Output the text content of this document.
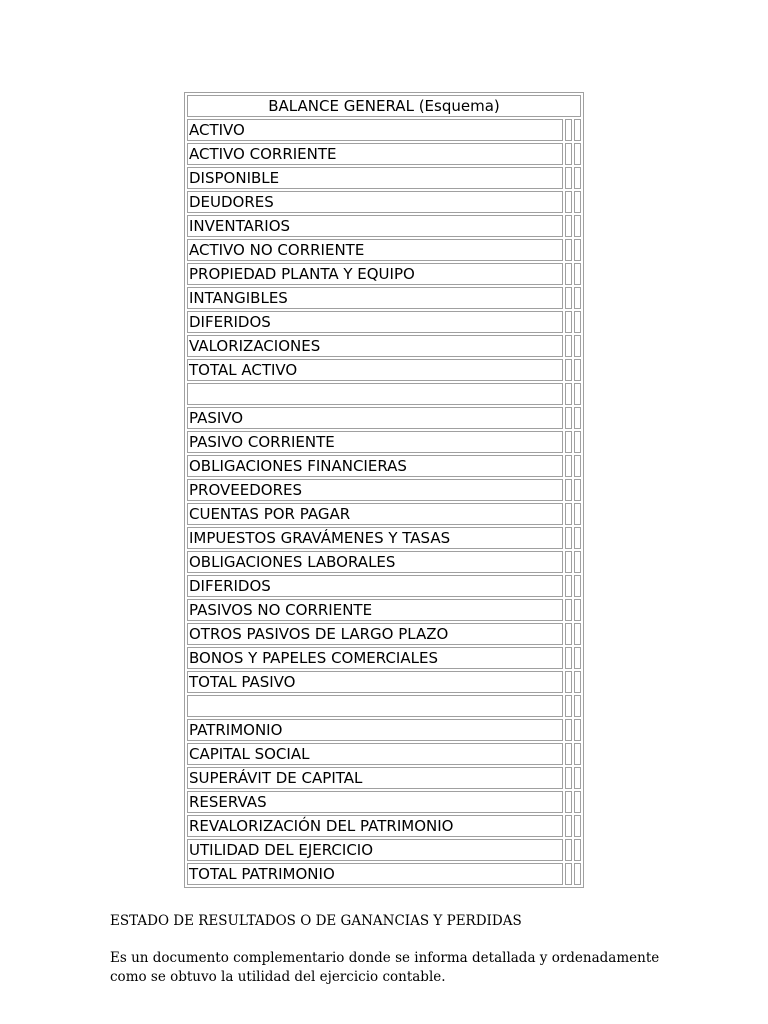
BALANCE GENERAL (Esquema)		
ACTIVO		
ACTIVO CORRIENTE		
DISPONIBLE		
DEUDORES		
INVENTARIOS		
ACTIVO NO CORRIENTE		
PROPIEDAD PLANTA Y EQUIPO		
INTANGIBLES		
DIFERIDOS		
VALORIZACIONES		
TOTAL ACTIVO		

PASIVO		
PASIVO CORRIENTE		
OBLIGACIONES FINANCIERAS		
PROVEEDORES		
CUENTAS POR PAGAR		
IMPUESTOS GRAVÁMENES Y TASAS		
OBLIGACIONES LABORALES		
DIFERIDOS		
PASIVOS NO CORRIENTE		
OTROS PASIVOS DE LARGO PLAZO		
BONOS Y PAPELES COMERCIALES		
TOTAL PASIVO		

PATRIMONIO		
CAPITAL SOCIAL		
SUPERÁVIT DE CAPITAL		
RESERVAS		
REVALORIZACIÓN DEL PATRIMONIO		
UTILIDAD DEL EJERCICIO		
TOTAL PATRIMONIO		

ESTADO DE RESULTADOS O DE GANANCIAS Y PERDIDAS

Es un documento complementario donde se informa detallada y ordenadamente como se obtuvo la utilidad del ejercicio contable.
